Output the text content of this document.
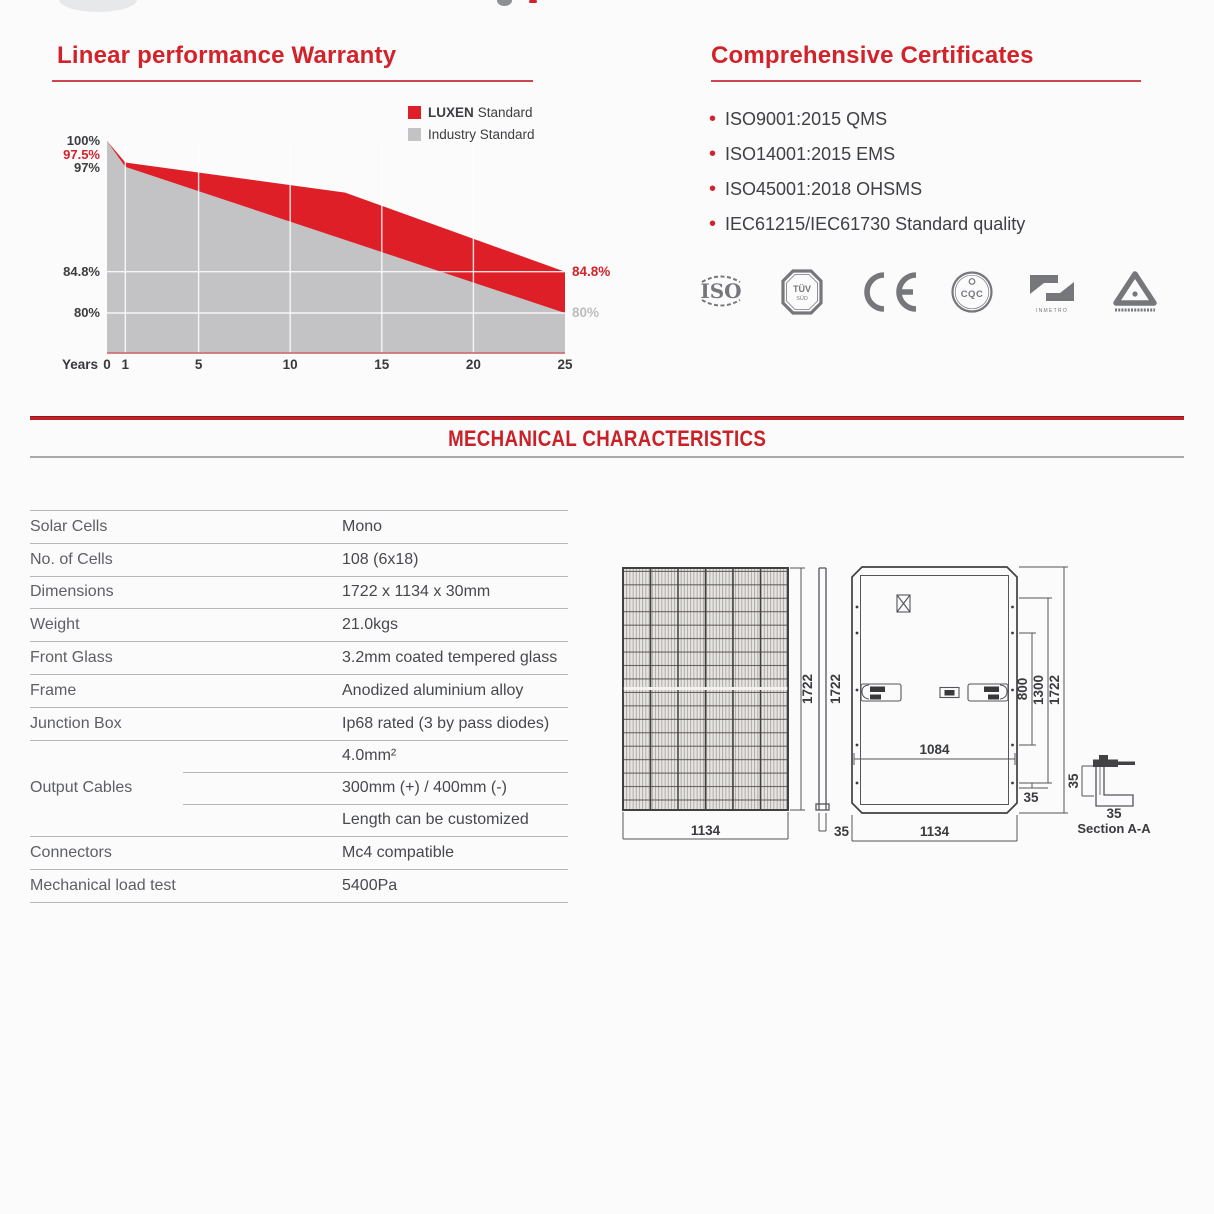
Linear performance Warranty
LUXEN Standard
Industry Standard
100%
97.5%
97%
84.8%
80%
84.8%
80%
Years 0 1	5	10	15	20	25
Comprehensive Certificates
• ISO9001:2015 QMS
• ISO14001:2015 EMS
• ISO45001:2018 OHSMS
• IEC61215/IEC61730 Standard quality
ISO	TÜV
SÜD	CQC
INMETRO
MECHANICAL CHARACTERISTICS
Solar Cells	Mono
No. of Cells	108 (6x18)
Dimensions	1722 x 1134 x 30mm
Weight	21.0kgs
Front Glass	3.2mm coated tempered glass
Frame	Anodized aluminium alloy
Junction Box	Ip68 rated (3 by pass diodes)
Output Cables
4.0mm²
300mm (+) / 400mm (-)
Length can be customized
Connectors	Mc4 compatible
Mechanical load test	5400Pa
1134
1722 1722
35
1084
1134
1722
1300
800
35
35
35
Section A-A
